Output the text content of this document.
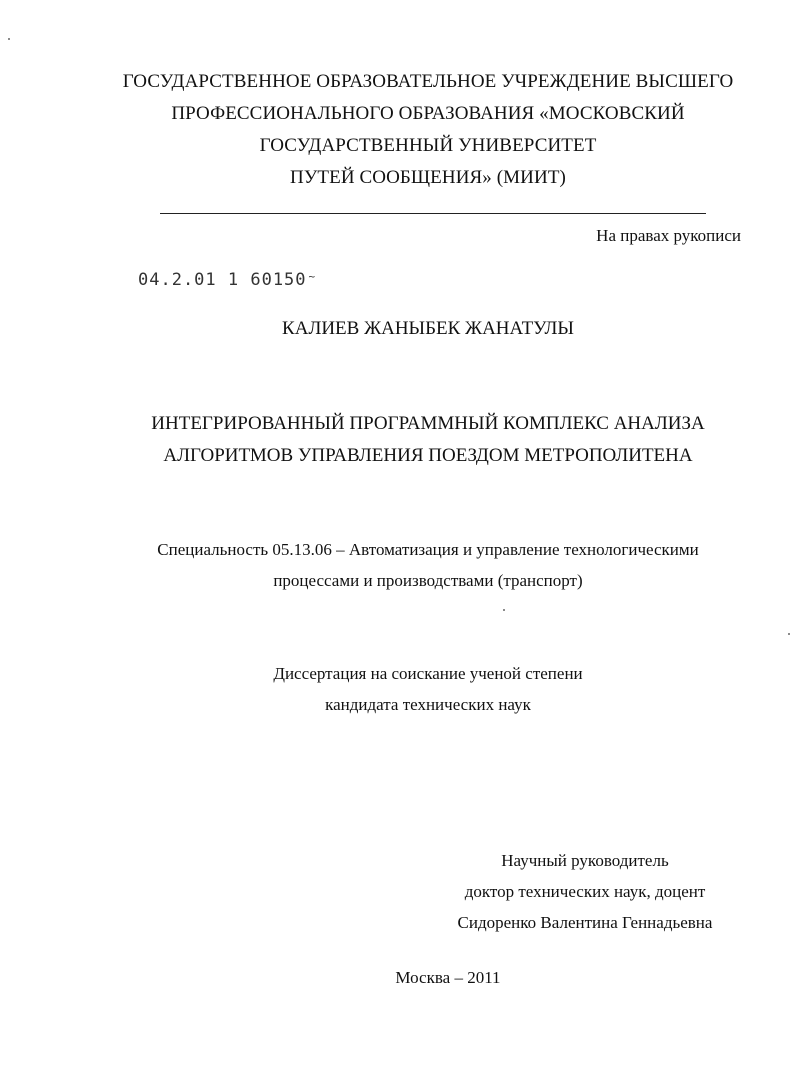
ГОСУДАРСТВЕННОЕ ОБРАЗОВАТЕЛЬНОЕ УЧРЕЖДЕНИЕ ВЫСШЕГО
ПРОФЕССИОНАЛЬНОГО ОБРАЗОВАНИЯ «МОСКОВСКИЙ
ГОСУДАРСТВЕННЫЙ УНИВЕРСИТЕТ
ПУТЕЙ СООБЩЕНИЯ» (МИИТ)
На правах рукописи
04.2.01 1 60150 ~
КАЛИЕВ ЖАНЫБЕК ЖАНАТУЛЫ
ИНТЕГРИРОВАННЫЙ ПРОГРАММНЫЙ КОМПЛЕКС АНАЛИЗА
АЛГОРИТМОВ УПРАВЛЕНИЯ ПОЕЗДОМ МЕТРОПОЛИТЕНА
Специальность 05.13.06 – Автоматизация и управление технологическими
процессами и производствами (транспорт)
Диссертация на соискание ученой степени
кандидата технических наук
Научный руководитель
доктор технических наук, доцент
Сидоренко Валентина Геннадьевна
Москва – 2011
